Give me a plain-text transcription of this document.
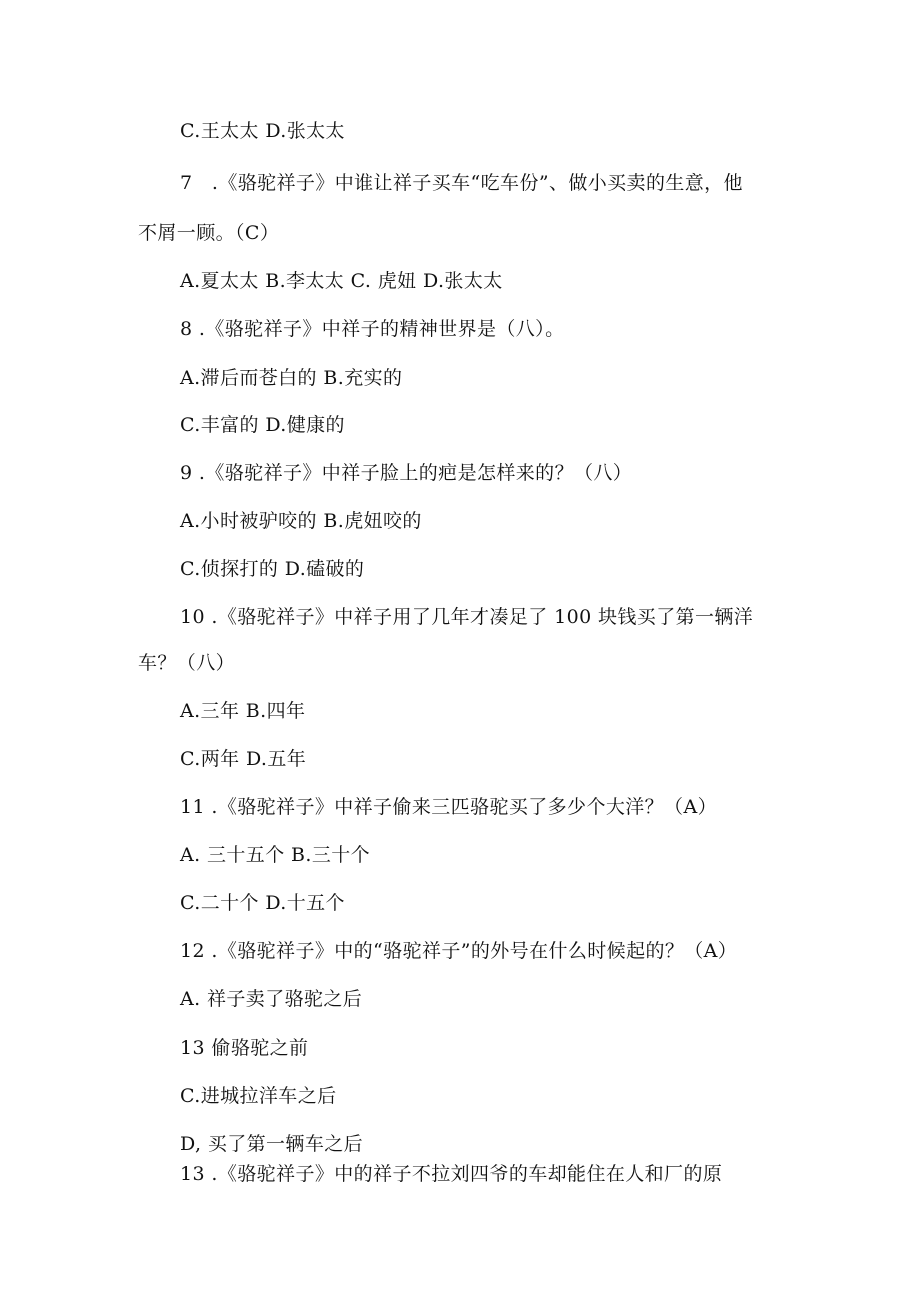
C.王太太 D.张太太
7　.《骆驼祥子》中谁让祥子买车“吃车份”、做小买卖的生意，他
不屑一顾。（C）
A.夏太太 B.李太太 C. 虎妞 D.张太太
8 .《骆驼祥子》中祥子的精神世界是（八）。
A.滞后而苍白的 B.充实的
C.丰富的 D.健康的
9 .《骆驼祥子》中祥子脸上的疤是怎样来的？（八）
A.小时被驴咬的 B.虎妞咬的
C.侦探打的 D.磕破的
10 .《骆驼祥子》中祥子用了几年才凑足了 100 块钱买了第一辆洋
车？（八）
A.三年 B.四年
C.两年 D.五年
11 .《骆驼祥子》中祥子偷来三匹骆驼买了多少个大洋？（A）
A. 三十五个 B.三十个
C.二十个 D.十五个
12 .《骆驼祥子》中的“骆驼祥子”的外号在什么时候起的？（A）
A. 祥子卖了骆驼之后
13 偷骆驼之前
C.进城拉洋车之后
D, 买了第一辆车之后
13 .《骆驼祥子》中的祥子不拉刘四爷的车却能住在人和厂的原
